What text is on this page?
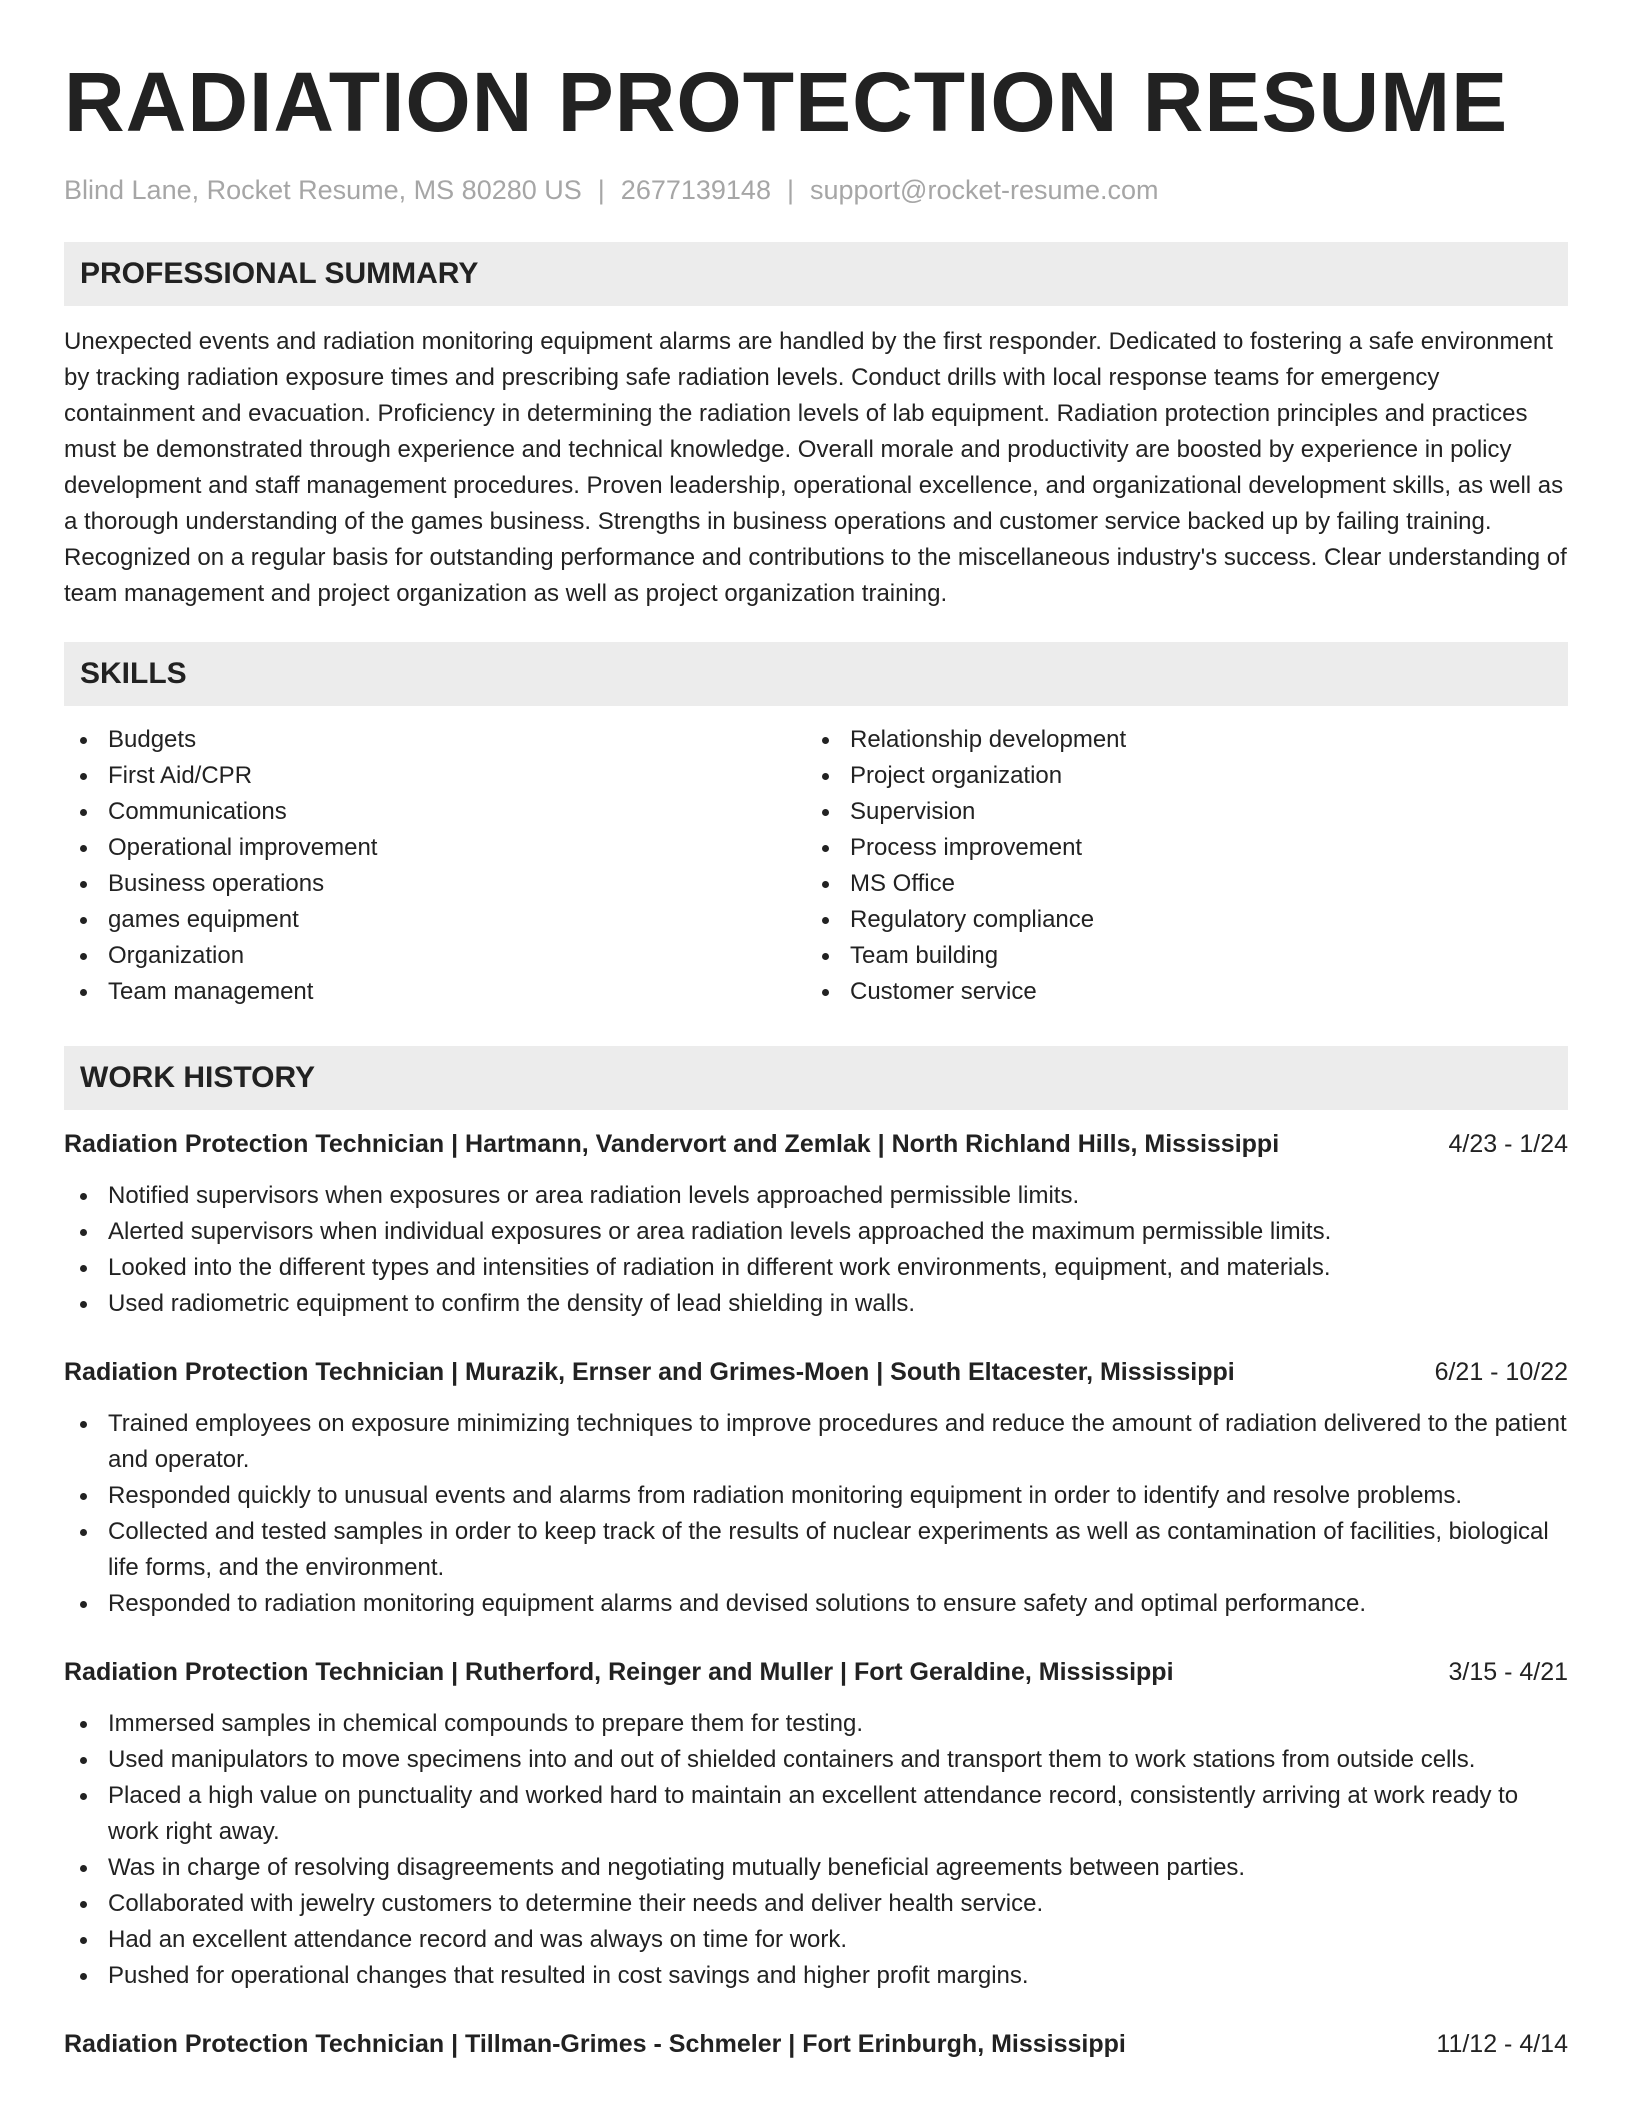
RADIATION PROTECTION RESUME
Blind Lane, Rocket Resume, MS 80280 US | 2677139148 | support@rocket-resume.com
PROFESSIONAL SUMMARY
Unexpected events and radiation monitoring equipment alarms are handled by the first responder. Dedicated to fostering a safe environment by tracking radiation exposure times and prescribing safe radiation levels. Conduct drills with local response teams for emergency containment and evacuation. Proficiency in determining the radiation levels of lab equipment. Radiation protection principles and practices must be demonstrated through experience and technical knowledge. Overall morale and productivity are boosted by experience in policy development and staff management procedures. Proven leadership, operational excellence, and organizational development skills, as well as a thorough understanding of the games business. Strengths in business operations and customer service backed up by failing training. Recognized on a regular basis for outstanding performance and contributions to the miscellaneous industry's success. Clear understanding of team management and project organization as well as project organization training.
SKILLS
Budgets
First Aid/CPR
Communications
Operational improvement
Business operations
games equipment
Organization
Team management
Relationship development
Project organization
Supervision
Process improvement
MS Office
Regulatory compliance
Team building
Customer service
WORK HISTORY
Radiation Protection Technician | Hartmann, Vandervort and Zemlak | North Richland Hills, Mississippi	4/23 - 1/24
Notified supervisors when exposures or area radiation levels approached permissible limits.
Alerted supervisors when individual exposures or area radiation levels approached the maximum permissible limits.
Looked into the different types and intensities of radiation in different work environments, equipment, and materials.
Used radiometric equipment to confirm the density of lead shielding in walls.
Radiation Protection Technician | Murazik, Ernser and Grimes-Moen | South Eltacester, Mississippi	6/21 - 10/22
Trained employees on exposure minimizing techniques to improve procedures and reduce the amount of radiation delivered to the patient and operator.
Responded quickly to unusual events and alarms from radiation monitoring equipment in order to identify and resolve problems.
Collected and tested samples in order to keep track of the results of nuclear experiments as well as contamination of facilities, biological life forms, and the environment.
Responded to radiation monitoring equipment alarms and devised solutions to ensure safety and optimal performance.
Radiation Protection Technician | Rutherford, Reinger and Muller | Fort Geraldine, Mississippi	3/15 - 4/21
Immersed samples in chemical compounds to prepare them for testing.
Used manipulators to move specimens into and out of shielded containers and transport them to work stations from outside cells.
Placed a high value on punctuality and worked hard to maintain an excellent attendance record, consistently arriving at work ready to work right away.
Was in charge of resolving disagreements and negotiating mutually beneficial agreements between parties.
Collaborated with jewelry customers to determine their needs and deliver health service.
Had an excellent attendance record and was always on time for work.
Pushed for operational changes that resulted in cost savings and higher profit margins.
Radiation Protection Technician | Tillman-Grimes - Schmeler | Fort Erinburgh, Mississippi	11/12 - 4/14
